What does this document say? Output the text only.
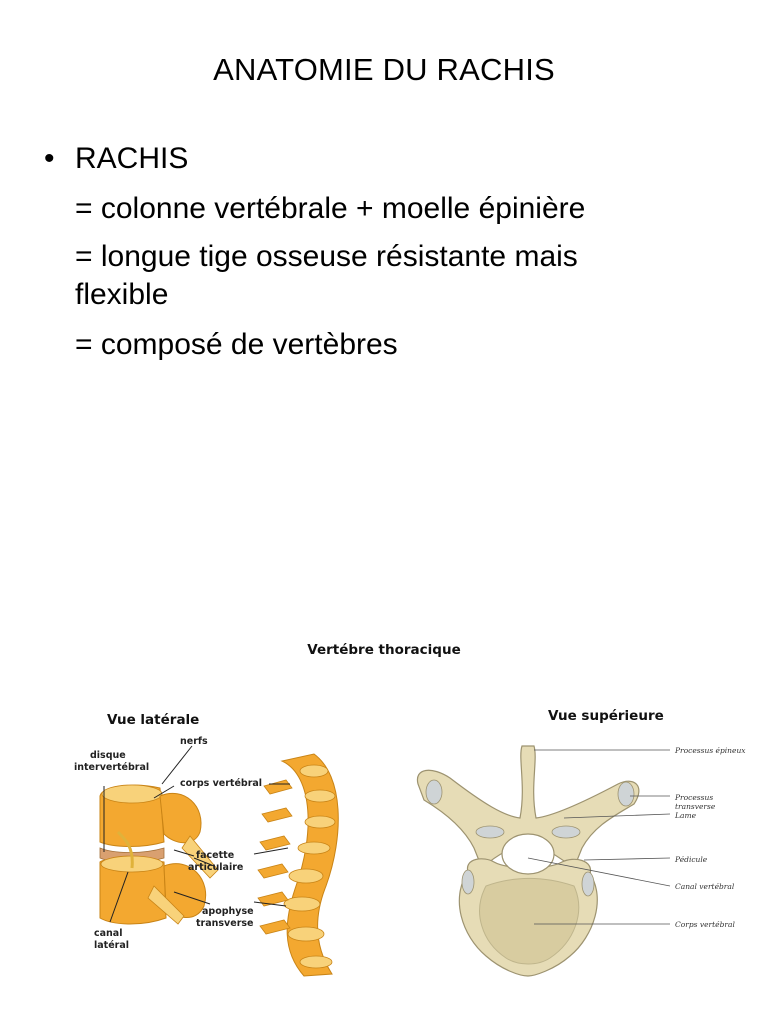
ANATOMIE DU RACHIS
• RACHIS
= colonne vertébrale + moelle épinière
= longue tige osseuse résistante mais
flexible
= composé de vertèbres
Vertébre thoracique
Vue latérale	Vue supérieure
nerfs
disque
intervertébral
corps vertébral
facette
articulaire
apophyse
transverse
canal
latéral
Processus épineux
Processus transverse
Lame
Pédicule
Canal vertébral
Corps vertébral
